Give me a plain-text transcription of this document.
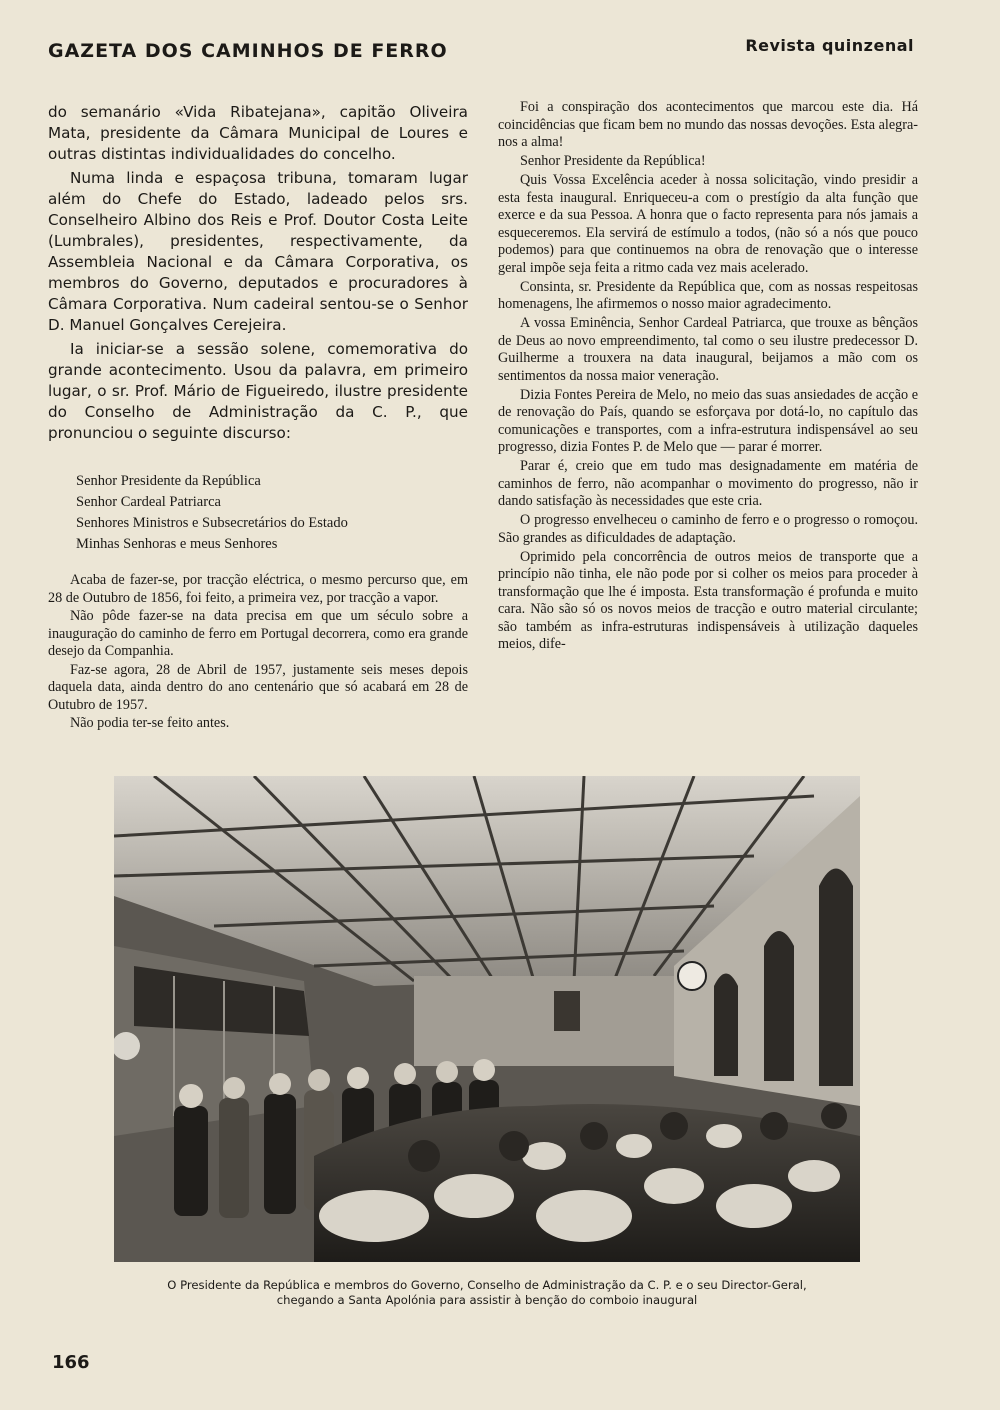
GAZETA DOS CAMINHOS DE FERRO	Revista quinzenal

do semanário «Vida Ribatejana», capitão Oliveira Mata, presidente da Câmara Municipal de Loures e outras distintas individualidades do concelho.

Numa linda e espaçosa tribuna, tomaram lugar além do Chefe do Estado, ladeado pelos srs. Conselheiro Albino dos Reis e Prof. Doutor Costa Leite (Lumbrales), presidentes, respectivamente, da Assembleia Nacional e da Câmara Corporativa, os membros do Governo, deputados e procuradores à Câmara Corporativa. Num cadeiral sentou-se o Senhor D. Manuel Gonçalves Cerejeira.

Ia iniciar-se a sessão solene, comemorativa do grande acontecimento. Usou da palavra, em primeiro lugar, o sr. Prof. Mário de Figueiredo, ilustre presidente do Conselho de Administração da C. P., que pronunciou o seguinte discurso:

Senhor Presidente da República
Senhor Cardeal Patriarca
Senhores Ministros e Subsecretários do Estado
Minhas Senhoras e meus Senhores

Acaba de fazer-se, por tracção eléctrica, o mesmo percurso que, em 28 de Outubro de 1856, foi feito, a primeira vez, por tracção a vapor.

Não pôde fazer-se na data precisa em que um século sobre a inauguração do caminho de ferro em Portugal decorrera, como era grande desejo da Companhia.

Faz-se agora, 28 de Abril de 1957, justamente seis meses depois daquela data, ainda dentro do ano centenário que só acabará em 28 de Outubro de 1957.

Não podia ter-se feito antes.

Foi a conspiração dos acontecimentos que marcou este dia. Há coincidências que ficam bem no mundo das nossas devoções. Esta alegra-nos a alma!

Senhor Presidente da República!

Quis Vossa Excelência aceder à nossa solicitação, vindo presidir a esta festa inaugural. Enriqueceu-a com o prestígio da alta função que exerce e da sua Pessoa. A honra que o facto representa para nós jamais a esqueceremos. Ela servirá de estímulo a todos, (não só a nós que pouco podemos) para que continuemos na obra de renovação que o interesse geral impõe seja feita a ritmo cada vez mais acelerado.

Consinta, sr. Presidente da República que, com as nossas respeitosas homenagens, lhe afirmemos o nosso maior agradecimento.

A vossa Eminência, Senhor Cardeal Patriarca, que trouxe as bênçãos de Deus ao novo empreendimento, tal como o seu ilustre predecessor D. Guilherme a trouxera na data inaugural, beijamos a mão com os sentimentos da nossa maior veneração.

Dizia Fontes Pereira de Melo, no meio das suas ansiedades de acção e de renovação do País, quando se esforçava por dotá-lo, no capítulo das comunicações e transportes, com a infra-estrutura indispensável ao seu progresso, dizia Fontes P. de Melo que — parar é morrer.

Parar é, creio que em tudo mas designadamente em matéria de caminhos de ferro, não acompanhar o movimento do progresso, não ir dando satisfação às necessidades que este cria.

O progresso envelheceu o caminho de ferro e o progresso o romoçou. São grandes as dificuldades de adaptação.

Oprimido pela concorrência de outros meios de transporte que a princípio não tinha, ele não pode por si colher os meios para proceder à transformação que lhe é imposta. Esta transformação é profunda e muito cara. Não são só os novos meios de tracção e outro material circulante; são também as infra-estruturas indispensáveis à utilização daqueles meios, dife-

O Presidente da República e membros do Governo, Conselho de Administração da C. P. e o seu Director-Geral,
chegando a Santa Apolónia para assistir à benção do comboio inaugural
166
